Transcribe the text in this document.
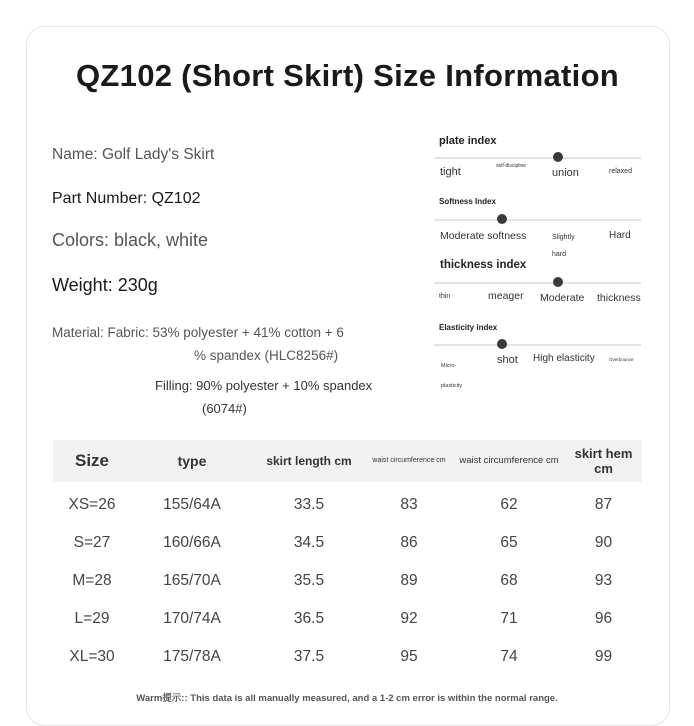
QZ102 (Short Skirt) Size Information
Name: Golf Lady's Skirt
Part Number: QZ102
Colors: black, white
Weight: 230g
Material: Fabric: 53% polyester + 41% cotton + 6
% spandex (HLC8256#)
Filling: 90% polyester + 10% spandex
(6074#)
plate index
tight	self-discipline
union	relaxed
Softness Index
Moderate softness	Slightly hard
Hard
thickness index
thin	meager Moderate thickness
Elasticity index
Micro-plasticity
shot High elasticity	Overbounce
Size	type	skirt length cm	waist circumference cm	waist circumference cm	skirt hem cm
XS=26	155/64A	33.5	83	62	87
S=27	160/66A	34.5	86	65	90
M=28	165/70A	35.5	89	68	93
L=29	170/74A	36.5	92	71	96
XL=30	175/78A	37.5	95	74	99
Warm提示:: This data is all manually measured, and a 1-2 cm error is within the normal range.
